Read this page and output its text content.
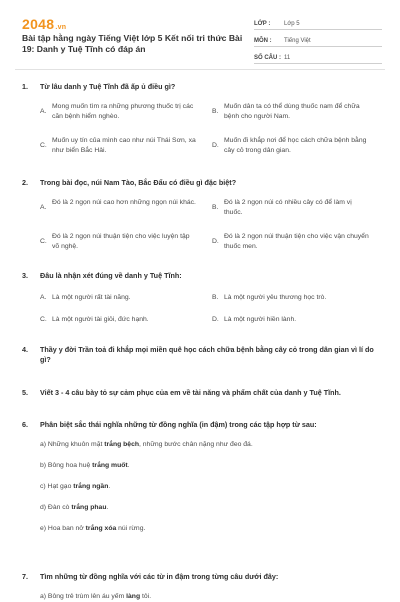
2048.vn
Bài tập hằng ngày Tiếng Việt lớp 5 Kết nối tri thức Bài 19: Danh y Tuệ Tĩnh có đáp án
LỚP :	Lớp 5
MÔN :	Tiếng Việt
SỐ CÂU : 11
1.	Từ lâu danh y Tuệ Tĩnh đã ấp ủ điều gì?
A.
Mong muốn tìm ra những phương thuốc trị các căn bệnh hiểm nghèo.
B.
Muốn dân ta có thể dùng thuốc nam để chữa bệnh cho người Nam.
C.
Muốn uy tín của mình cao như núi Thái Sơn, xa như biển Bắc Hải.
D.
Muốn đi khắp nơi để học cách chữa bệnh bằng cây cỏ trong dân gian.
2.	Trong bài đọc, núi Nam Tào, Bắc Đẩu có điều gì đặc biệt?
A.
Đó là 2 ngọn núi cao hơn những ngọn núi khác.
B.
Đó là 2 ngọn núi có nhiều cây có để làm vị thuốc.
C.
Đó là 2 ngọn núi thuận tiện cho việc luyện tập võ nghệ.
D.
Đó là 2 ngọn núi thuận tiện cho việc vận chuyển thuốc men.
3.	Đâu là nhận xét đúng về danh y Tuệ Tĩnh:
A. Là một người rất tài năng.	B. Là một người yêu thương học trò.
C. Là một người tài giỏi, đức hạnh.	D. Là một người hiền lành.
4.	Thầy y đời Trần toả đi khắp mọi miền quê học cách chữa bệnh bằng cây cỏ trong dân gian vì lí do gì?
5.	Viết 3 - 4 câu bày tỏ sự cảm phục của em về tài năng và phẩm chất của danh y Tuệ Tĩnh.
6.	Phân biệt sắc thái nghĩa những từ đồng nghĩa (in đậm) trong các tập hợp từ sau:
a) Những khuôn mặt trắng bệch, những bước chân nặng như đeo đá.
b) Bông hoa huệ trắng muốt.
c) Hạt gạo trắng ngần.
d) Đàn cò trắng phau.
e) Hoa ban nở trắng xóa núi rừng.
7.	Tìm những từ đồng nghĩa với các từ in đậm trong từng câu dưới đây:
a) Bông trẻ trùm lên áu yếm làng tôi.
